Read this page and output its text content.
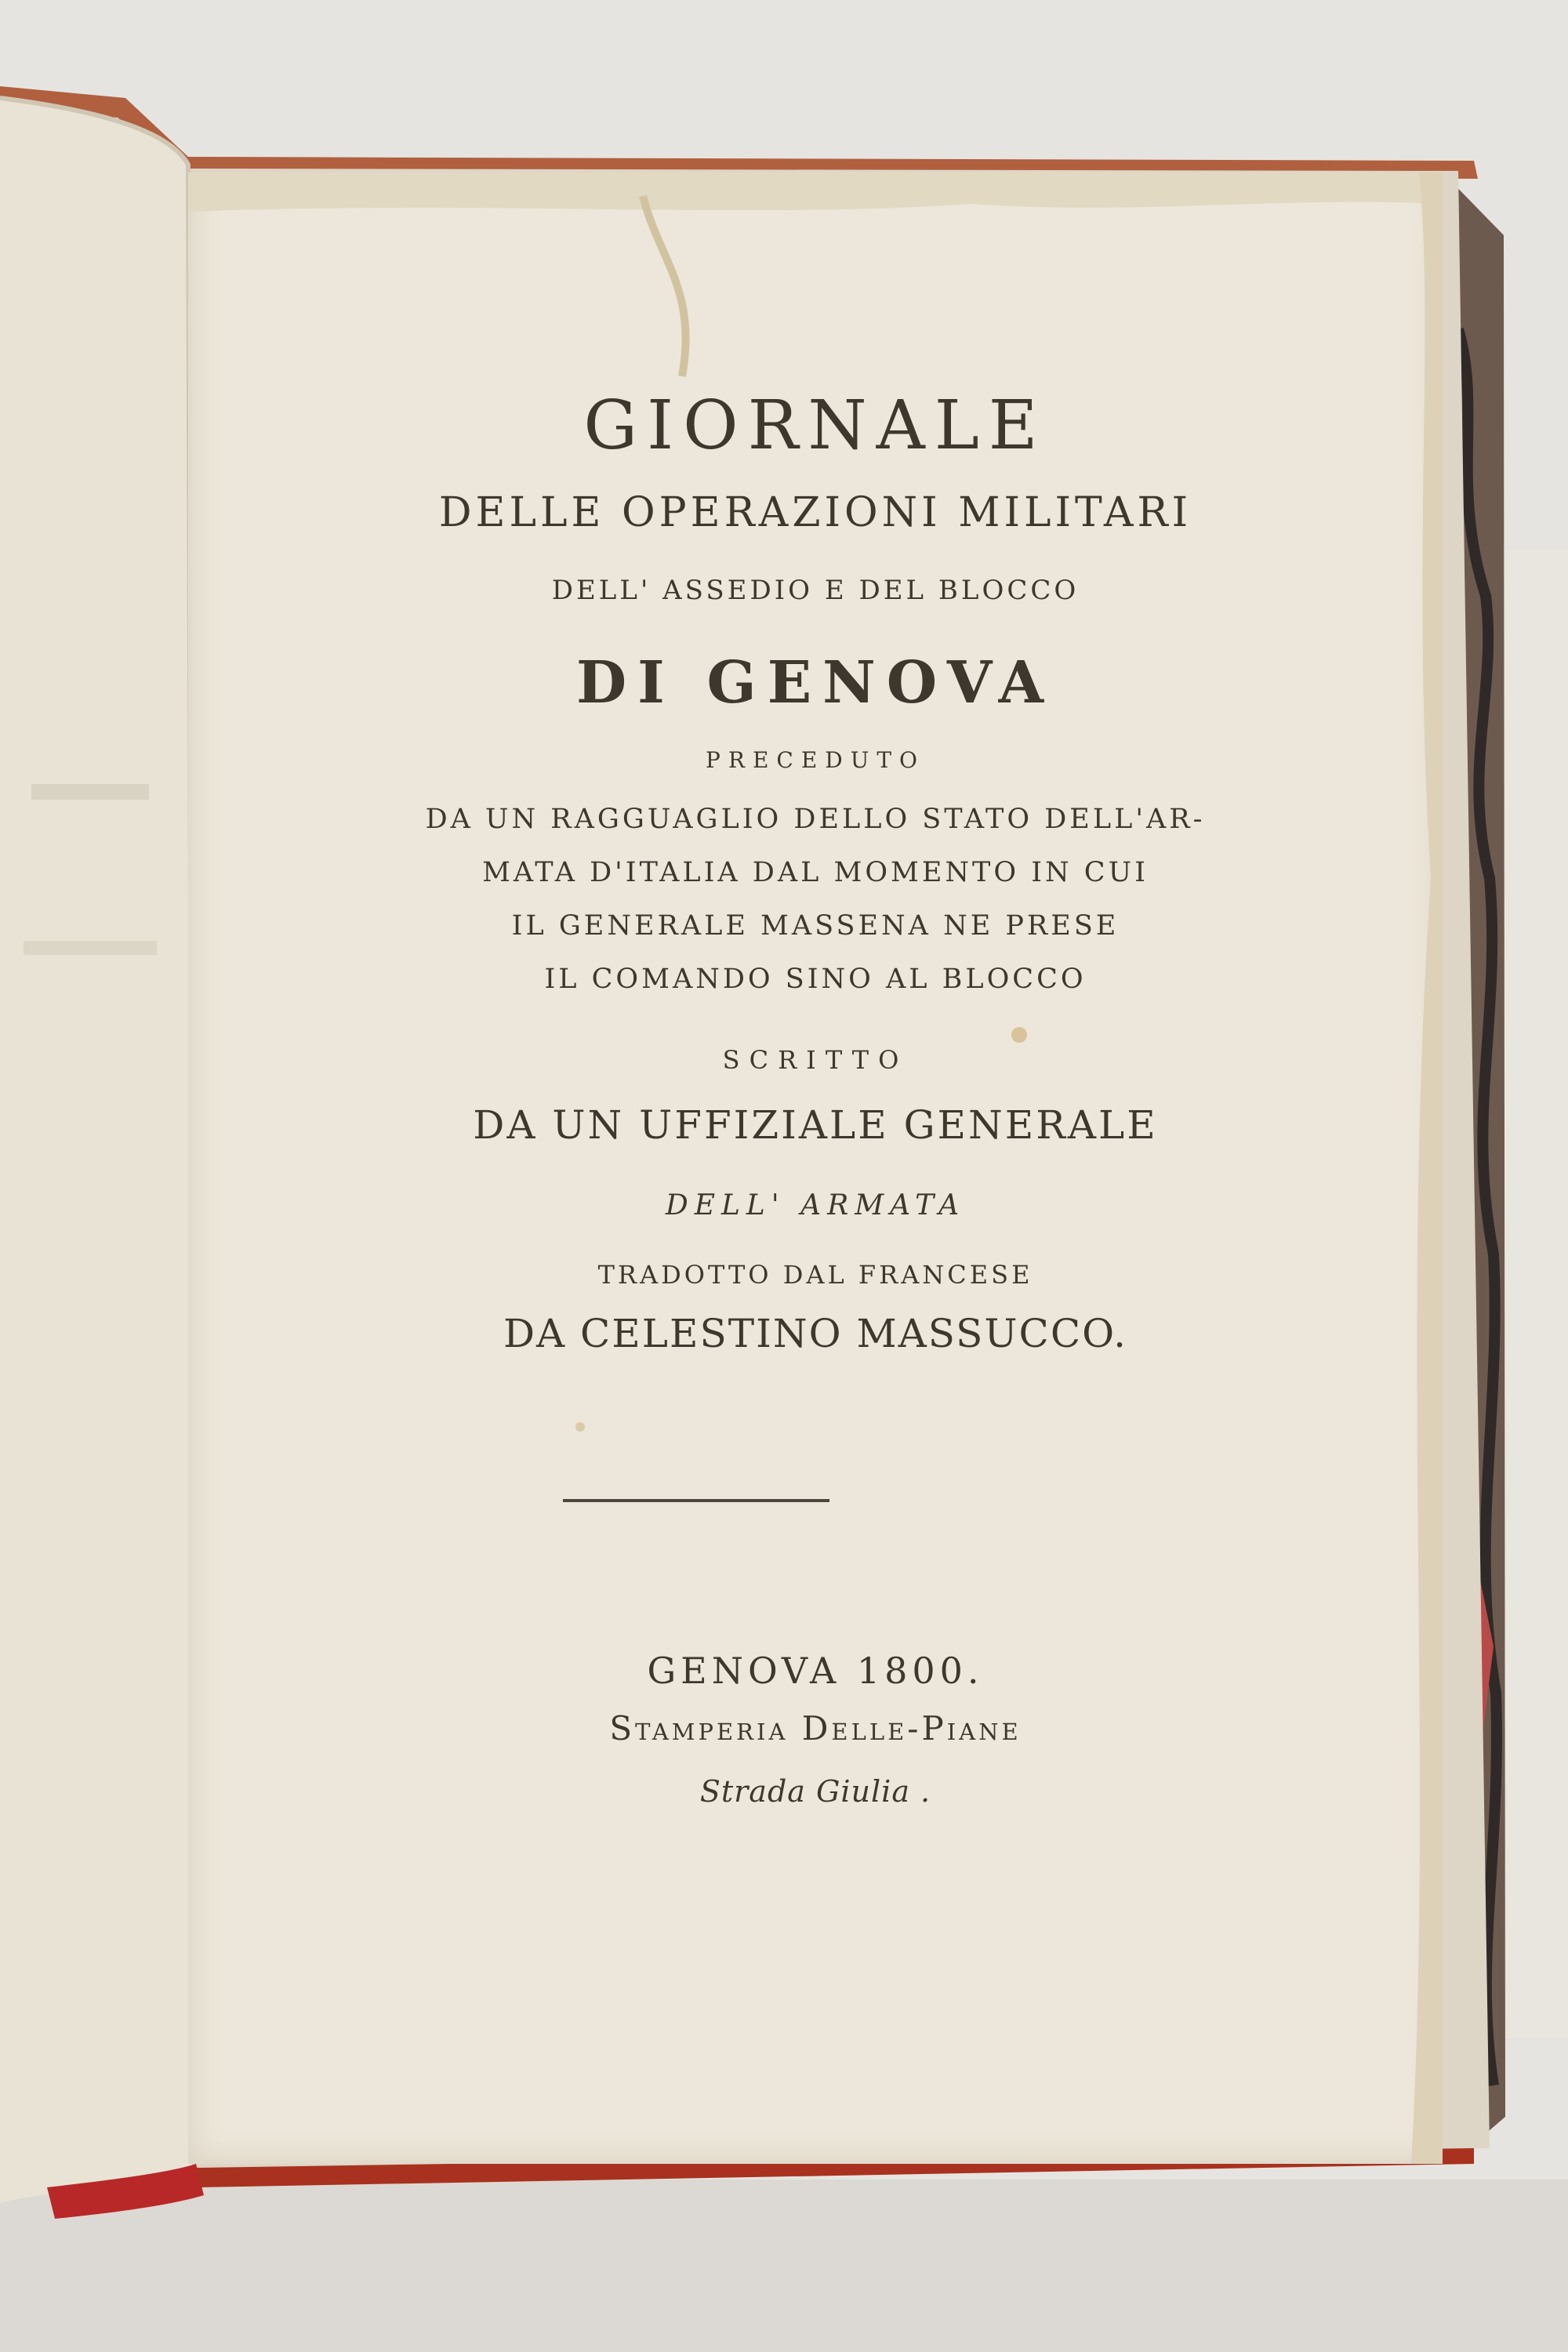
GIORNALE

DELLE OPERAZIONI MILITARI

DELL' ASSEDIO E DEL BLOCCO

DI GENOVA

PRECEDUTO

DA UN RAGGUAGLIO DELLO STATO DELL'AR-

MATA D'ITALIA DAL MOMENTO IN CUI

IL GENERALE MASSENA NE PRESE

IL COMANDO SINO AL BLOCCO

SCRITTO

DA UN UFFIZIALE GENERALE

DELL' ARMATA

TRADOTTO DAL FRANCESE

DA CELESTINO MASSUCCO.

GENOVA 1800.

Stamperia Delle-Piane

Strada Giulia .
